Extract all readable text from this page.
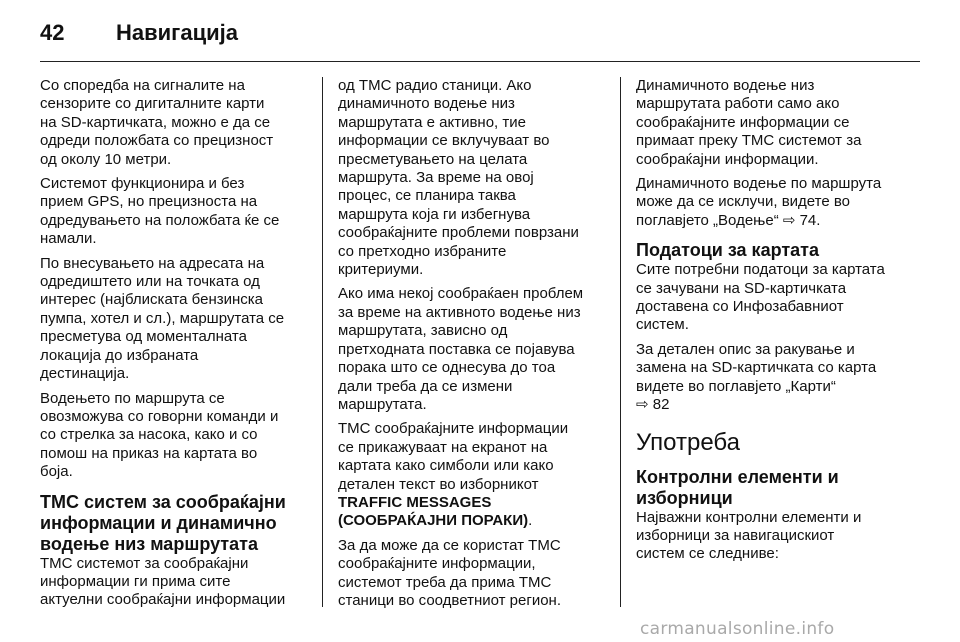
42 Навигација

Со споредба на сигналите на
сензорите со дигиталните карти
на SD-картичката, можно е да се
одреди положбата со прецизност
од околу 10 метри.

Системот функционира и без
прием GPS, но прецизноста на
одредувањето на положбата ќе се
намали.

По внесувањето на адресата на
одредиштето или на точката од
интерес (најблиската бензинска
пумпа, хотел и сл.), маршрутата се
пресметува од моменталната
локација до избраната
дестинација.

Водењето по маршрута се
овозможува со говорни команди и
со стрелка за насока, како и со
помош на приказ на картата во
боја.

TMC систем за сообраќајни
информации и динамично
водење низ маршрутата

TMC системот за сообраќајни
информации ги прима сите
актуелни сообраќајни информации

од TMC радио станици. Ако
динамичното водење низ
маршрутата е активно, тие
информации се вклучуваат во
пресметувањето на целата
маршрута. За време на овој
процес, се планира таква
маршрута која ги избегнува
сообраќајните проблеми поврзани
со претходно избраните
критериуми.

Ако има некој сообраќаен проблем
за време на активното водење низ
маршрутата, зависно од
претходната поставка се појавува
порака што се однесува до тоа
дали треба да се измени
маршрутата.

TMC сообраќајните информации
се прикажуваат на екранот на
картата како симболи или како
детален текст во изборникот
TRAFFIC MESSAGES
(СООБРАЌАЈНИ ПОРАКИ).

За да може да се користат TMC
сообраќајните информации,
системот треба да прима TMC
станици во соодветниот регион.

Динамичното водење низ
маршрутата работи само ако
сообраќајните информации се
примаат преку TMC системот за
сообраќајни информации.

Динамичното водење по маршрута
може да се исклучи, видете во
поглавјето „Водење“ ⇨ 74.

Податоци за картата

Сите потребни податоци за картата
се зачувани на SD-картичката
доставена со Инфозабавниот
систем.

За детален опис за ракување и
замена на SD-картичката со карта
видете во поглавјето „Карти“
⇨ 82

Употреба
Контролни елементи и
изборници

Најважни контролни елементи и
изборници за навигацискиот
систем се следниве:

carmanualsonline.info
